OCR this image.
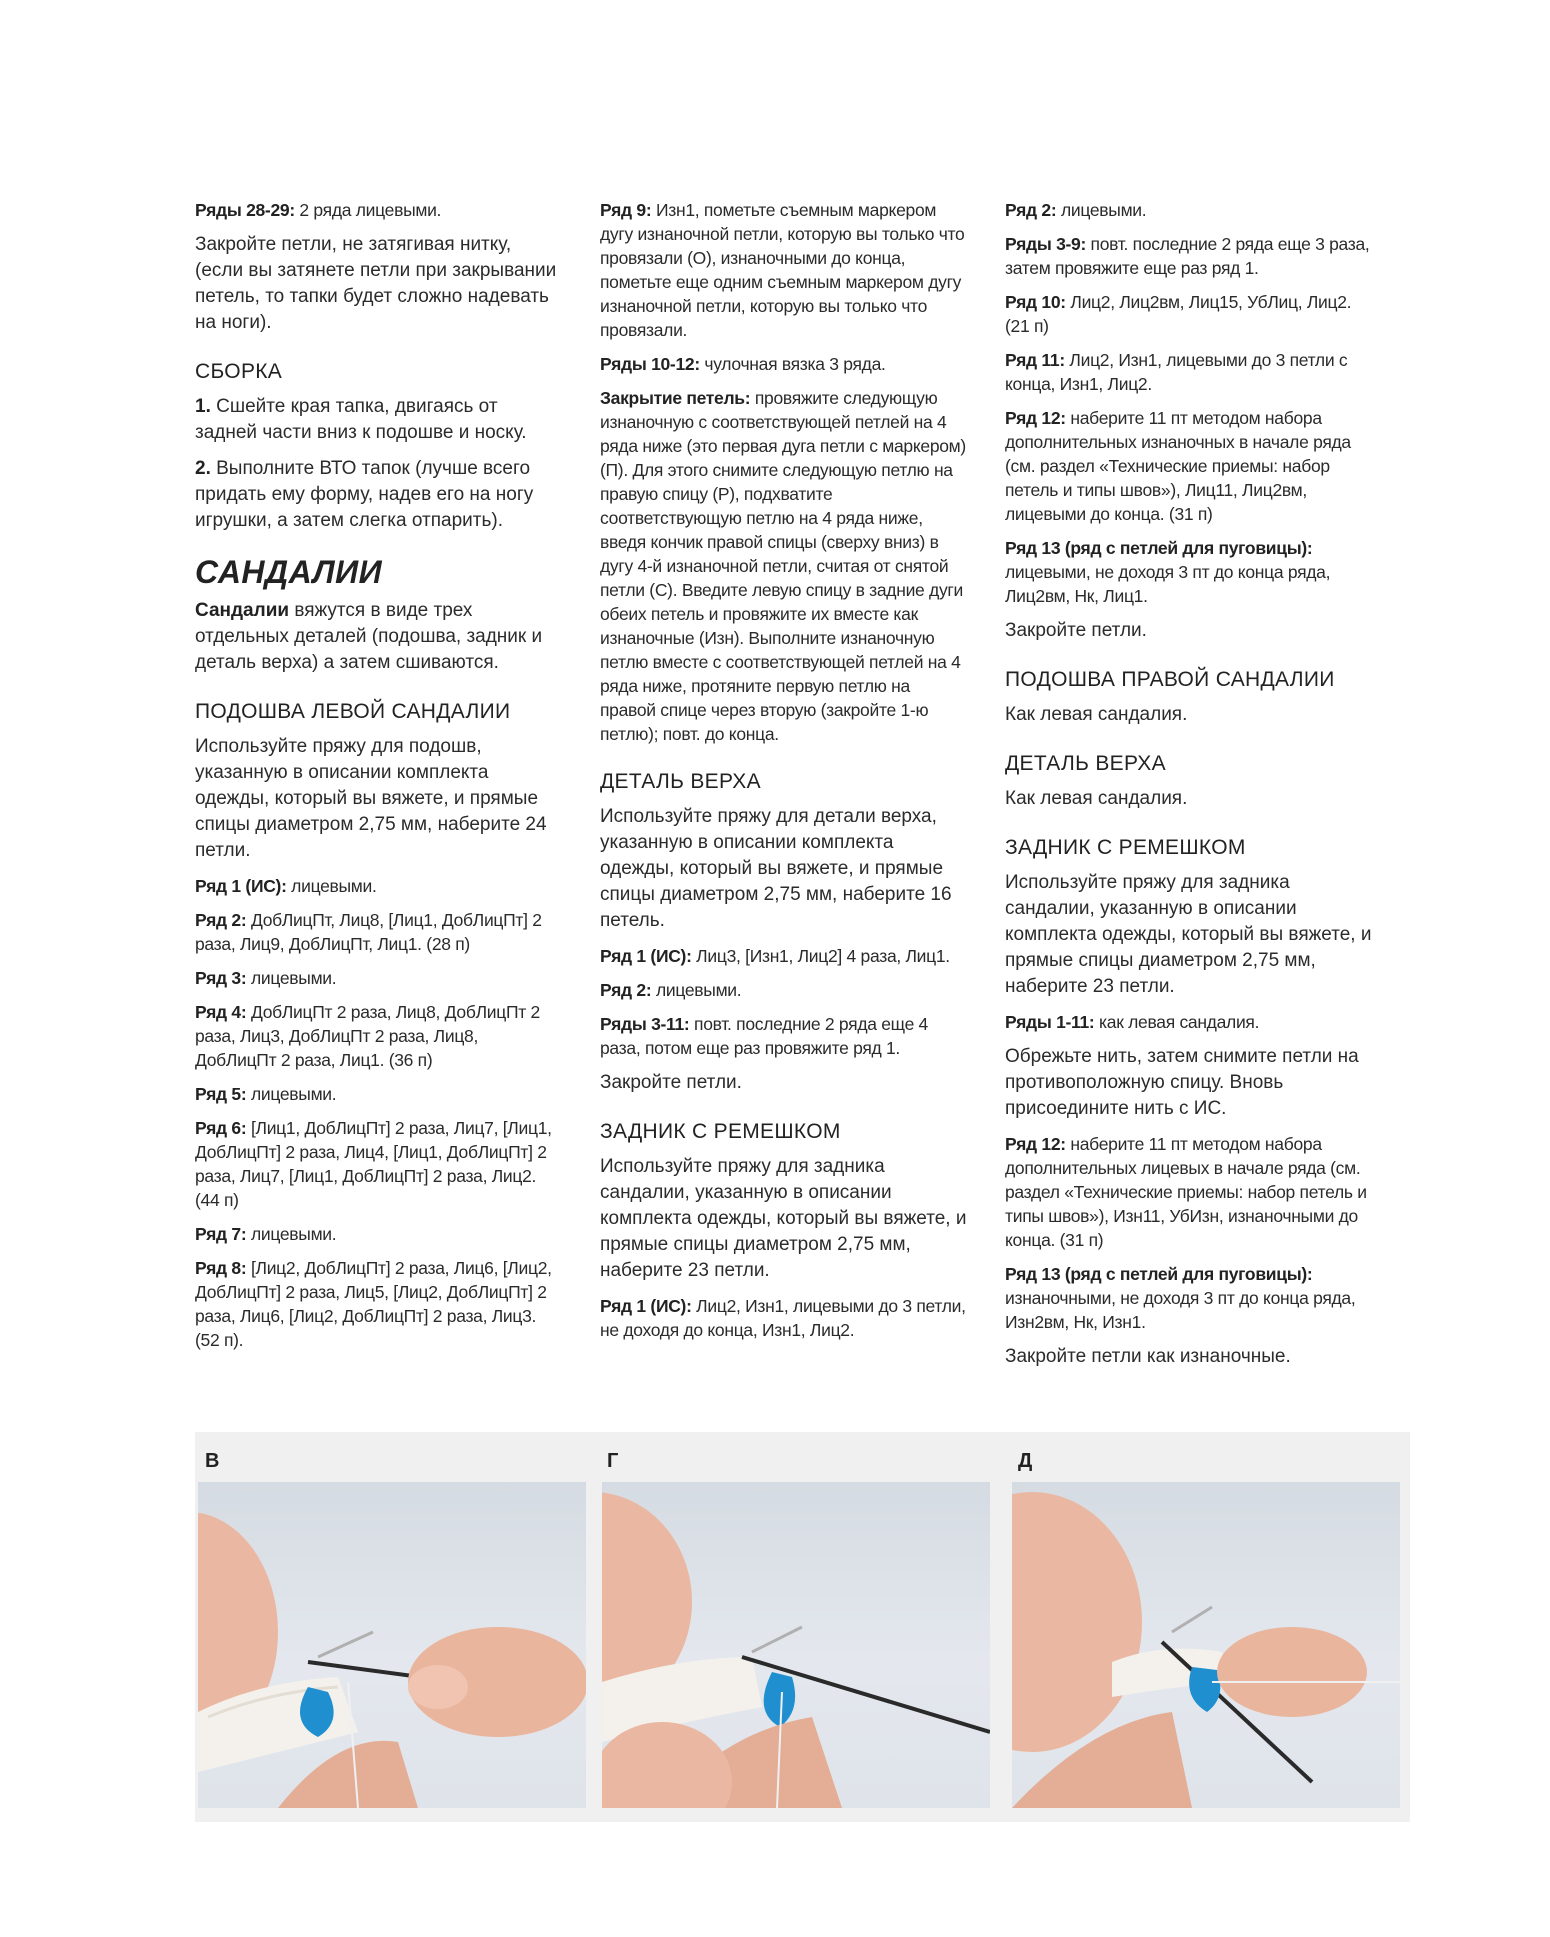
Ряды 28-29: 2 ряда лицевыми.

Закройте петли, не затягивая нитку, (если вы затянете петли при закрывании петель, то тапки будет сложно надевать на ноги).

СБОРКА

1. Сшейте края тапка, двигаясь от задней части вниз к подошве и носку.

2. Выполните ВТО тапок (лучше всего придать ему форму, надев его на ногу игрушки, а затем слегка отпарить).

САНДАЛИИ

Сандалии вяжутся в виде трех отдельных деталей (подошва, задник и деталь верха) а затем сшиваются.

ПОДОШВА ЛЕВОЙ САНДАЛИИ

Используйте пряжу для подошв, указанную в описании комплекта одежды, который вы вяжете, и прямые спицы диаметром 2,75 мм, наберите 24 петли.

Ряд 1 (ИС): лицевыми.

Ряд 2: ДобЛицПт, Лиц8, [Лиц1, ДобЛицПт] 2 раза, Лиц9, ДобЛицПт, Лиц1. (28 п)

Ряд 3: лицевыми.

Ряд 4: ДобЛицПт 2 раза, Лиц8, ДобЛицПт 2 раза, Лиц3, ДобЛицПт 2 раза, Лиц8, ДобЛицПт 2 раза, Лиц1. (36 п)

Ряд 5: лицевыми.

Ряд 6: [Лиц1, ДобЛицПт] 2 раза, Лиц7, [Лиц1, ДобЛицПт] 2 раза, Лиц4, [Лиц1, ДобЛицПт] 2 раза, Лиц7, [Лиц1, ДобЛицПт] 2 раза, Лиц2. (44 п)

Ряд 7: лицевыми.

Ряд 8: [Лиц2, ДобЛицПт] 2 раза, Лиц6, [Лиц2, ДобЛицПт] 2 раза, Лиц5, [Лиц2, ДобЛицПт] 2 раза, Лиц6, [Лиц2, ДобЛицПт] 2 раза, Лиц3. (52 п).

Ряд 9: Изн1, пометьте съемным маркером дугу изнаночной петли, которую вы только что провязали (О), изнаночными до конца, пометьте еще одним съемным маркером дугу изнаночной петли, которую вы только что провязали.

Ряды 10-12: чулочная вязка 3 ряда.

Закрытие петель: провяжите следующую изнаночную с соответствующей петлей на 4 ряда ниже (это первая дуга петли с маркером) (П). Для этого снимите следующую петлю на правую спицу (Р), подхватите соответствующую петлю на 4 ряда ниже, введя кончик правой спицы (сверху вниз) в дугу 4-й изнаночной петли, считая от снятой петли (С). Введите левую спицу в задние дуги обеих петель и провяжите их вместе как изнаночные (Изн). Выполните изнаночную петлю вместе с соответствующей петлей на 4 ряда ниже, протяните первую петлю на правой спице через вторую (закройте 1-ю петлю); повт. до конца.

ДЕТАЛЬ ВЕРХА

Используйте пряжу для детали верха, указанную в описании комплекта одежды, который вы вяжете, и прямые спицы диаметром 2,75 мм, наберите 16 петель.

Ряд 1 (ИС): Лиц3, [Изн1, Лиц2] 4 раза, Лиц1.

Ряд 2: лицевыми.

Ряды 3-11: повт. последние 2 ряда еще 4 раза, потом еще раз провяжите ряд 1.

Закройте петли.

ЗАДНИК С РЕМЕШКОМ

Используйте пряжу для задника сандалии, указанную в описании комплекта одежды, который вы вяжете, и прямые спицы диаметром 2,75 мм, наберите 23 петли.

Ряд 1 (ИС): Лиц2, Изн1, лицевыми до 3 петли, не доходя до конца, Изн1, Лиц2.

Ряд 2: лицевыми.

Ряды 3-9: повт. последние 2 ряда еще 3 раза, затем провяжите еще раз ряд 1.

Ряд 10: Лиц2, Лиц2вм, Лиц15, УбЛиц, Лиц2. (21 п)

Ряд 11: Лиц2, Изн1, лицевыми до 3 петли с конца, Изн1, Лиц2.

Ряд 12: наберите 11 пт методом набора дополнительных изнаночных в начале ряда (см. раздел «Технические приемы: набор петель и типы швов»), Лиц11, Лиц2вм, лицевыми до конца. (31 п)

Ряд 13 (ряд с петлей для пуговицы): лицевыми, не доходя 3 пт до конца ряда, Лиц2вм, Нк, Лиц1.

Закройте петли.

ПОДОШВА ПРАВОЙ САНДАЛИИ

Как левая сандалия.

ДЕТАЛЬ ВЕРХА

Как левая сандалия.

ЗАДНИК С РЕМЕШКОМ

Используйте пряжу для задника сандалии, указанную в описании комплекта одежды, который вы вяжете, и прямые спицы диаметром 2,75 мм, наберите 23 петли.

Ряды 1-11: как левая сандалия.

Обрежьте нить, затем снимите петли на противоположную спицу. Вновь присоедините нить с ИС.

Ряд 12: наберите 11 пт методом набора дополнительных лицевых в начале ряда (см. раздел «Технические приемы: набор петель и типы швов»), Изн11, УбИзн, изнаночными до конца. (31 п)

Ряд 13 (ряд с петлей для пуговицы): изнаночными, не доходя 3 пт до конца ряда, Изн2вм, Нк, Изн1.

Закройте петли как изнаночные.

В	Г	Д
